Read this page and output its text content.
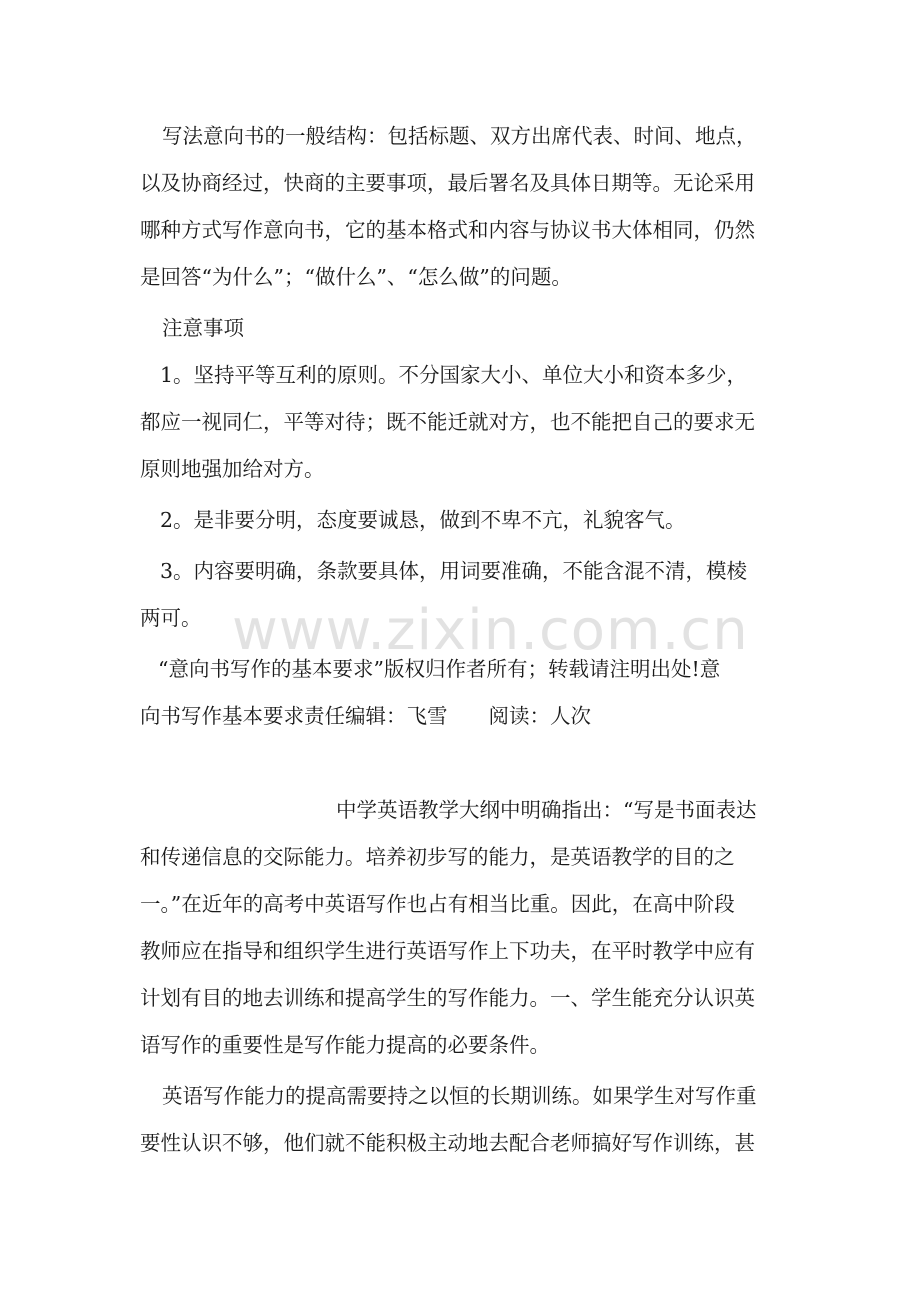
写法意向书的一般结构：包括标题、双方出席代表、时间、地点，
以及协商经过，快商的主要事项，最后署名及具体日期等。无论采用
哪种方式写作意向书，它的基本格式和内容与协议书大体相同，仍然
是回答“为什么”；“做什么”、“怎么做”的问题。
注意事项
1。坚持平等互利的原则。不分国家大小、单位大小和资本多少，
都应一视同仁，平等对待；既不能迁就对方，也不能把自己的要求无
原则地强加给对方。
2。是非要分明，态度要诚恳，做到不卑不亢，礼貌客气。
3。内容要明确，条款要具体，用词要准确，不能含混不清，模棱
两可。
“意向书写作的基本要求”版权归作者所有；转载请注明出处!意
向书写作基本要求责任编辑：飞雪　　阅读：人次
中学英语教学大纲中明确指出：“写是书面表达
和传递信息的交际能力。培养初步写的能力，是英语教学的目的之
一。”在近年的高考中英语写作也占有相当比重。因此，在高中阶段
教师应在指导和组织学生进行英语写作上下功夫，在平时教学中应有
计划有目的地去训练和提高学生的写作能力。一、学生能充分认识英
语写作的重要性是写作能力提高的必要条件。
英语写作能力的提高需要持之以恒的长期训练。如果学生对写作重
要性认识不够，他们就不能积极主动地去配合老师搞好写作训练，甚
www.zixin.com.cn
